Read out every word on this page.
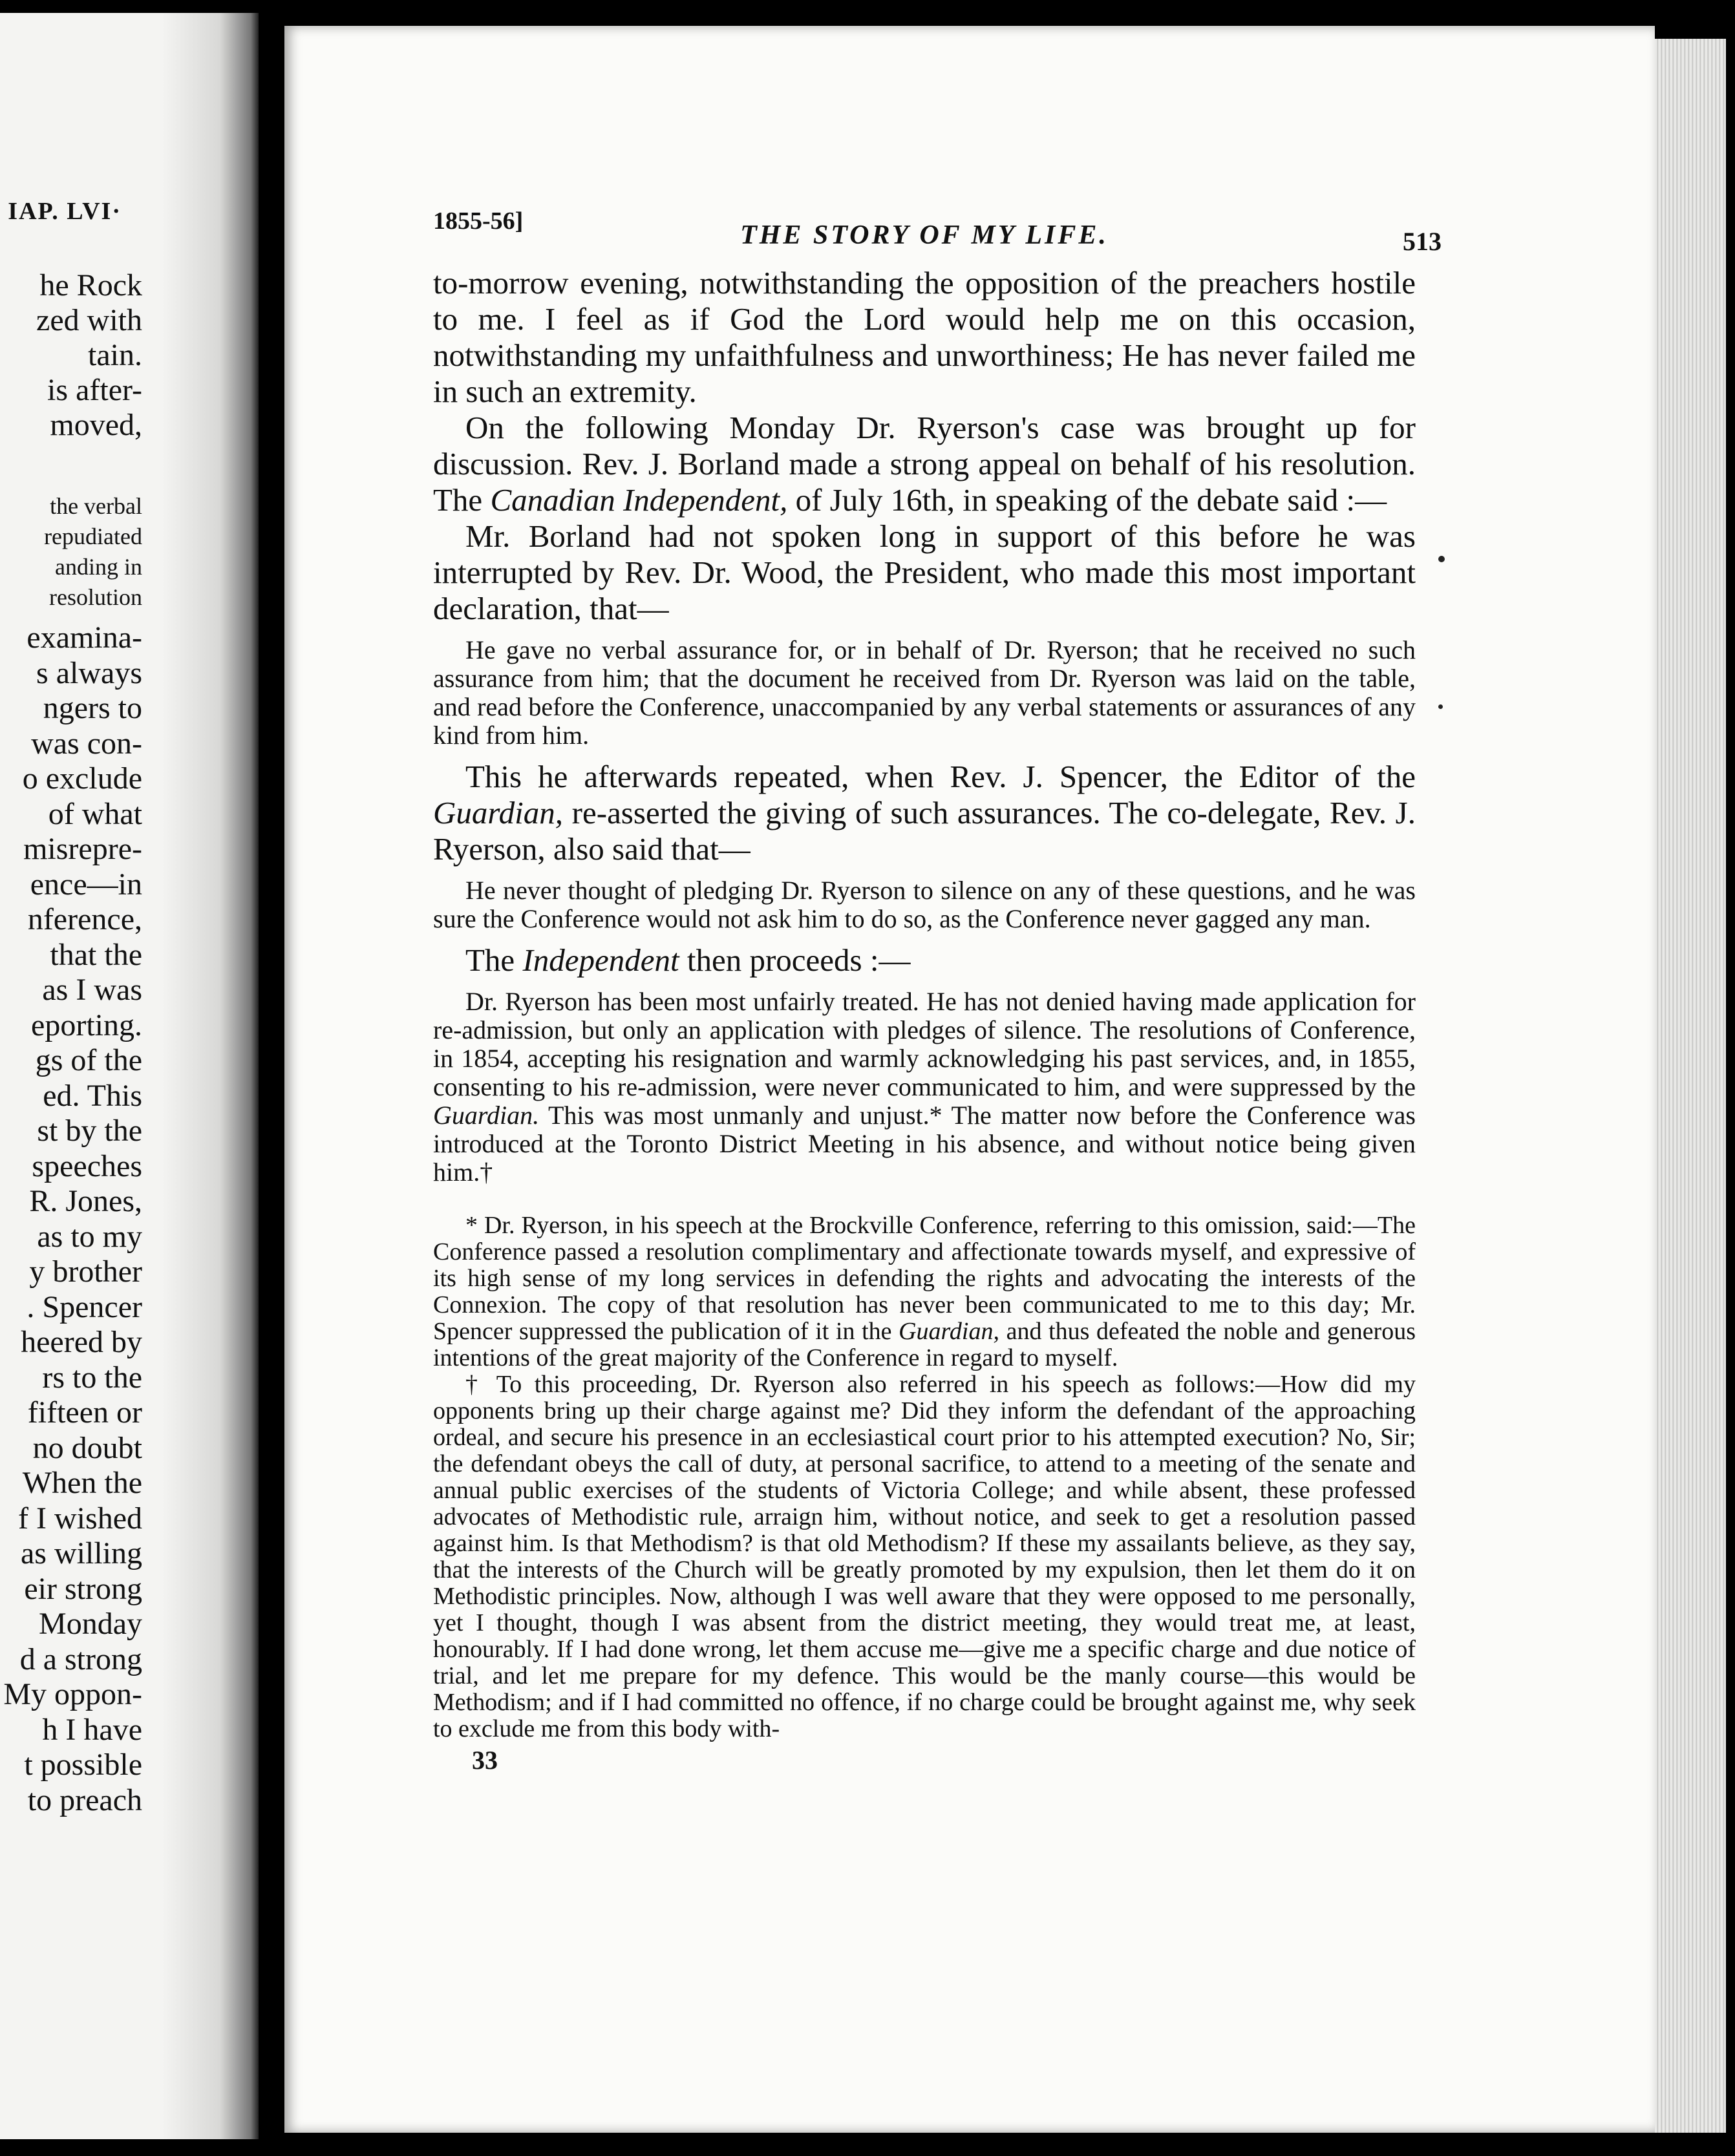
IAP. LVI·
he Rock
zed with
tain.
is after-
moved,
the verbal
repudiated
anding in
resolution
examina-
s always
ngers to
was con-
o exclude
of what
misrepre-
ence—in
nference,
that the
as I was
eporting.
gs of the
ed. This
st by the
speeches
R. Jones,
as to my
y brother
. Spencer
heered by
rs to the
fifteen or
no doubt
When the
f I wished
as willing
eir strong
Monday
d a strong
My oppon-
h I have
t possible
to preach
1855-56]	THE STORY OF MY LIFE.	513

to-morrow evening, notwithstanding the opposition of the preachers hostile to me. I feel as if God the Lord would help me on this occasion, notwithstanding my unfaithfulness and unworthiness; He has never failed me in such an extremity.

On the following Monday Dr. Ryerson's case was brought up for discussion. Rev. J. Borland made a strong appeal on behalf of his resolution. The Canadian Independent, of July 16th, in speaking of the debate said :—

Mr. Borland had not spoken long in support of this before he was interrupted by Rev. Dr. Wood, the President, who made this most important declaration, that—

He gave no verbal assurance for, or in behalf of Dr. Ryerson; that he received no such assurance from him; that the document he received from Dr. Ryerson was laid on the table, and read before the Conference, unaccompanied by any verbal statements or assurances of any kind from him.

This he afterwards repeated, when Rev. J. Spencer, the Editor of the Guardian, re-asserted the giving of such assurances. The co-delegate, Rev. J. Ryerson, also said that—

He never thought of pledging Dr. Ryerson to silence on any of these questions, and he was sure the Conference would not ask him to do so, as the Conference never gagged any man.

The Independent then proceeds :—

Dr. Ryerson has been most unfairly treated. He has not denied having made application for re-admission, but only an application with pledges of silence. The resolutions of Conference, in 1854, accepting his resignation and warmly acknowledging his past services, and, in 1855, consenting to his re-admission, were never communicated to him, and were suppressed by the Guardian. This was most unmanly and unjust.* The matter now before the Conference was introduced at the Toronto District Meeting in his absence, and without notice being given him.†

* Dr. Ryerson, in his speech at the Brockville Conference, referring to this omission, said:—The Conference passed a resolution complimentary and affectionate towards myself, and expressive of its high sense of my long services in defending the rights and advocating the interests of the Connexion. The copy of that resolution has never been communicated to me to this day; Mr. Spencer suppressed the publication of it in the Guardian, and thus defeated the noble and generous intentions of the great majority of the Conference in regard to myself.

† To this proceeding, Dr. Ryerson also referred in his speech as follows:—How did my opponents bring up their charge against me? Did they inform the defendant of the approaching ordeal, and secure his presence in an ecclesiastical court prior to his attempted execution? No, Sir; the defendant obeys the call of duty, at personal sacrifice, to attend to a meeting of the senate and annual public exercises of the students of Victoria College; and while absent, these professed advocates of Methodistic rule, arraign him, without notice, and seek to get a resolution passed against him. Is that Methodism? is that old Methodism? If these my assailants believe, as they say, that the interests of the Church will be greatly promoted by my expulsion, then let them do it on Methodistic principles. Now, although I was well aware that they were opposed to me personally, yet I thought, though I was absent from the district meeting, they would treat me, at least, honourably. If I had done wrong, let them accuse me—give me a specific charge and due notice of trial, and let me prepare for my defence. This would be the manly course—this would be Methodism; and if I had committed no offence, if no charge could be brought against me, why seek to exclude me from this body with-

33
